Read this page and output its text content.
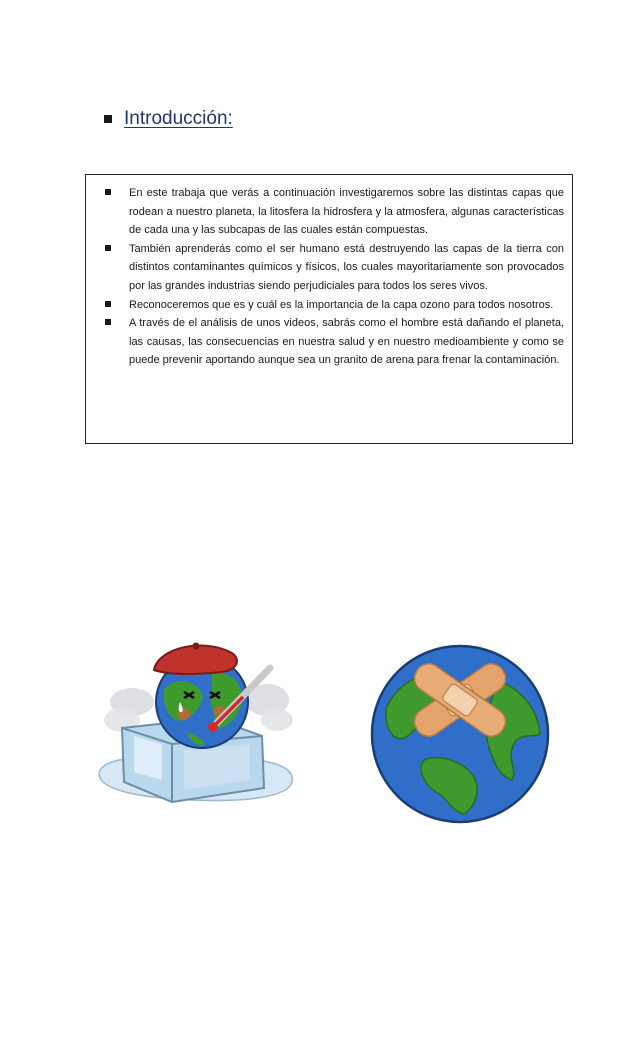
Introducción:
En este trabaja que verás a continuación investigaremos sobre las distintas capas que rodean a nuestro planeta, la litosfera la hidrosfera y la atmosfera, algunas características de cada una y las subcapas de las cuales están compuestas.
También aprenderás como el ser humano está destruyendo las capas de la tierra con distintos contaminantes químicos y físicos, los cuales mayoritariamente son provocados por las grandes industrias siendo perjudiciales para todos los seres vivos.
Reconoceremos que es y cuál es la importancia de la capa ozono para todos nosotros.
A través de el análisis de unos videos, sabrás como el hombre está dañando el planeta, las causas, las consecuencias en nuestra salud y en nuestro medioambiente y como se puede prevenir aportando aunque sea un granito de arena para frenar la contaminación.
